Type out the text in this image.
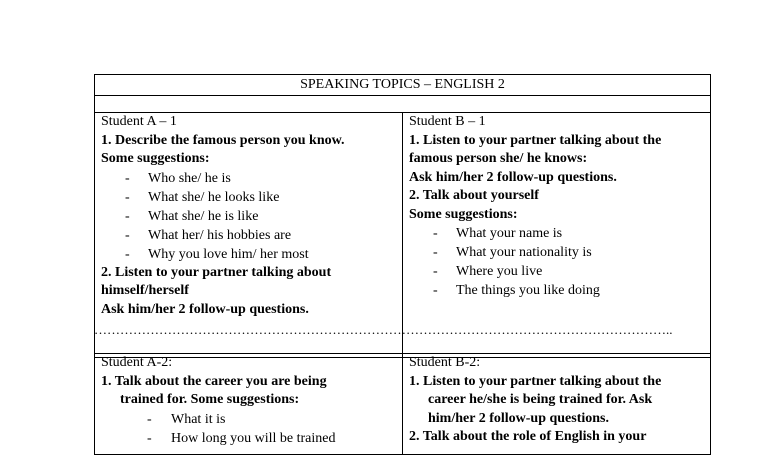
SPEAKING TOPICS – ENGLISH 2

Student A – 1
1. Describe the famous person you know.
Some suggestions:
-	Who she/ he is
-	What she/ he looks like
-	What she/ he is like
-	What her/ his hobbies are
-	Why you love him/ her most
2. Listen to your partner talking about
himself/herself
Ask him/her 2 follow-up questions.

Student B – 1
1. Listen to your partner talking about the
famous person she/ he knows:
Ask him/her 2 follow-up questions.
2. Talk about yourself
Some suggestions:
-	What your name is
-	What your nationality is
-	Where you live
-	The things you like doing
……………………………………………………………………………………………………………………..
Student A-2:
1. Talk about the career you are being
trained for. Some suggestions:
-	What it is
-	How long you will be trained

Student B-2:
1. Listen to your partner talking about the
career he/she is being trained for. Ask
him/her 2 follow-up questions.
2. Talk about the role of English in your
